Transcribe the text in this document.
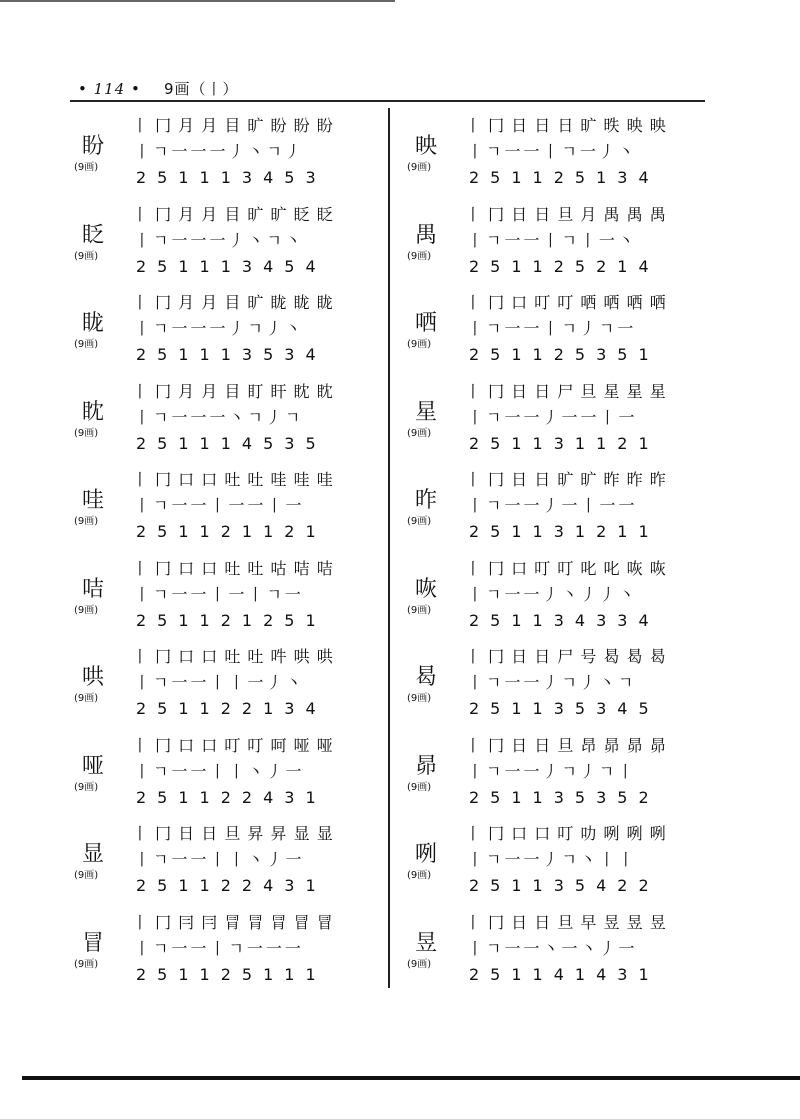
• 114 • 9画（丨）
盼
(9画)
丨 冂 月 月 目 旷 盼 盼 盼
丨ㄱ一一一丿丶ㄱ丿
251113453
眨
(9画)
丨 冂 月 月 目 旷 旷 眨 眨
丨ㄱ一一一丿丶ㄱ丶
251113454
眬
(9画)
丨 冂 月 月 目 旷 眬 眬 眬
丨ㄱ一一一丿ㄱ丿丶
251113534
眈
(9画)
丨 冂 月 月 目 盯 盰 眈 眈
丨ㄱ一一一丶ㄱ丿ㄱ
251114535
哇
(9画)
丨 冂 口 口 吐 吐 哇 哇 哇
丨ㄱ一一丨一一丨一
251121121
咭
(9画)
丨 冂 口 口 吐 吐 咕 咭 咭
丨ㄱ一一丨一丨ㄱ一
251121251
哄
(9画)
丨 冂 口 口 吐 吐 吽 哄 哄
丨ㄱ一一丨丨一丿丶
251122134
哑
(9画)
丨 冂 口 口 叮 叮 呵 哑 哑
丨ㄱ一一丨丨丶丿一
251122431
显
(9画)
丨 冂 日 日 旦 昇 昇 显 显
丨ㄱ一一丨丨丶丿一
251122431
冒
(9画)
丨 冂 冃 冃 冐 冐 冐 冒 冒
丨ㄱ一一丨ㄱ一一一
251125111
映
(9画)
丨 冂 日 日 日 旷 昳 映 映
丨ㄱ一一丨ㄱ一丿丶
251125134
禺
(9画)
丨 冂 日 日 旦 月 禺 禺 禺
丨ㄱ一一丨ㄱ丨一丶
251125214
哂
(9画)
丨 冂 口 叮 叮 哂 哂 哂 哂
丨ㄱ一一丨ㄱ丿ㄱ一
251125351
星
(9画)
丨 冂 日 日 尸 旦 星 星 星
丨ㄱ一一丿一一丨一
251131121
昨
(9画)
丨 冂 日 日 旷 旷 昨 昨 昨
丨ㄱ一一丿一丨一一
251131211
咴
(9画)
丨 冂 口 叮 叮 叱 叱 咴 咴
丨ㄱ一一丿丶丿丿丶
251134334
曷
(9画)
丨 冂 日 日 尸 号 曷 曷 曷
丨ㄱ一一丿ㄱ丿丶ㄱ
251135345
昴
(9画)
丨 冂 日 日 旦 昂 昴 昴 昴
丨ㄱ一一丿ㄱ丿ㄱ丨
251135352
咧
(9画)
丨 冂 口 口 叮 叻 咧 咧 咧
丨ㄱ一一丿ㄱ丶丨丨
251135422
昱
(9画)
丨 冂 日 日 旦 早 昱 昱 昱
丨ㄱ一一丶一丶丿一
251141431
